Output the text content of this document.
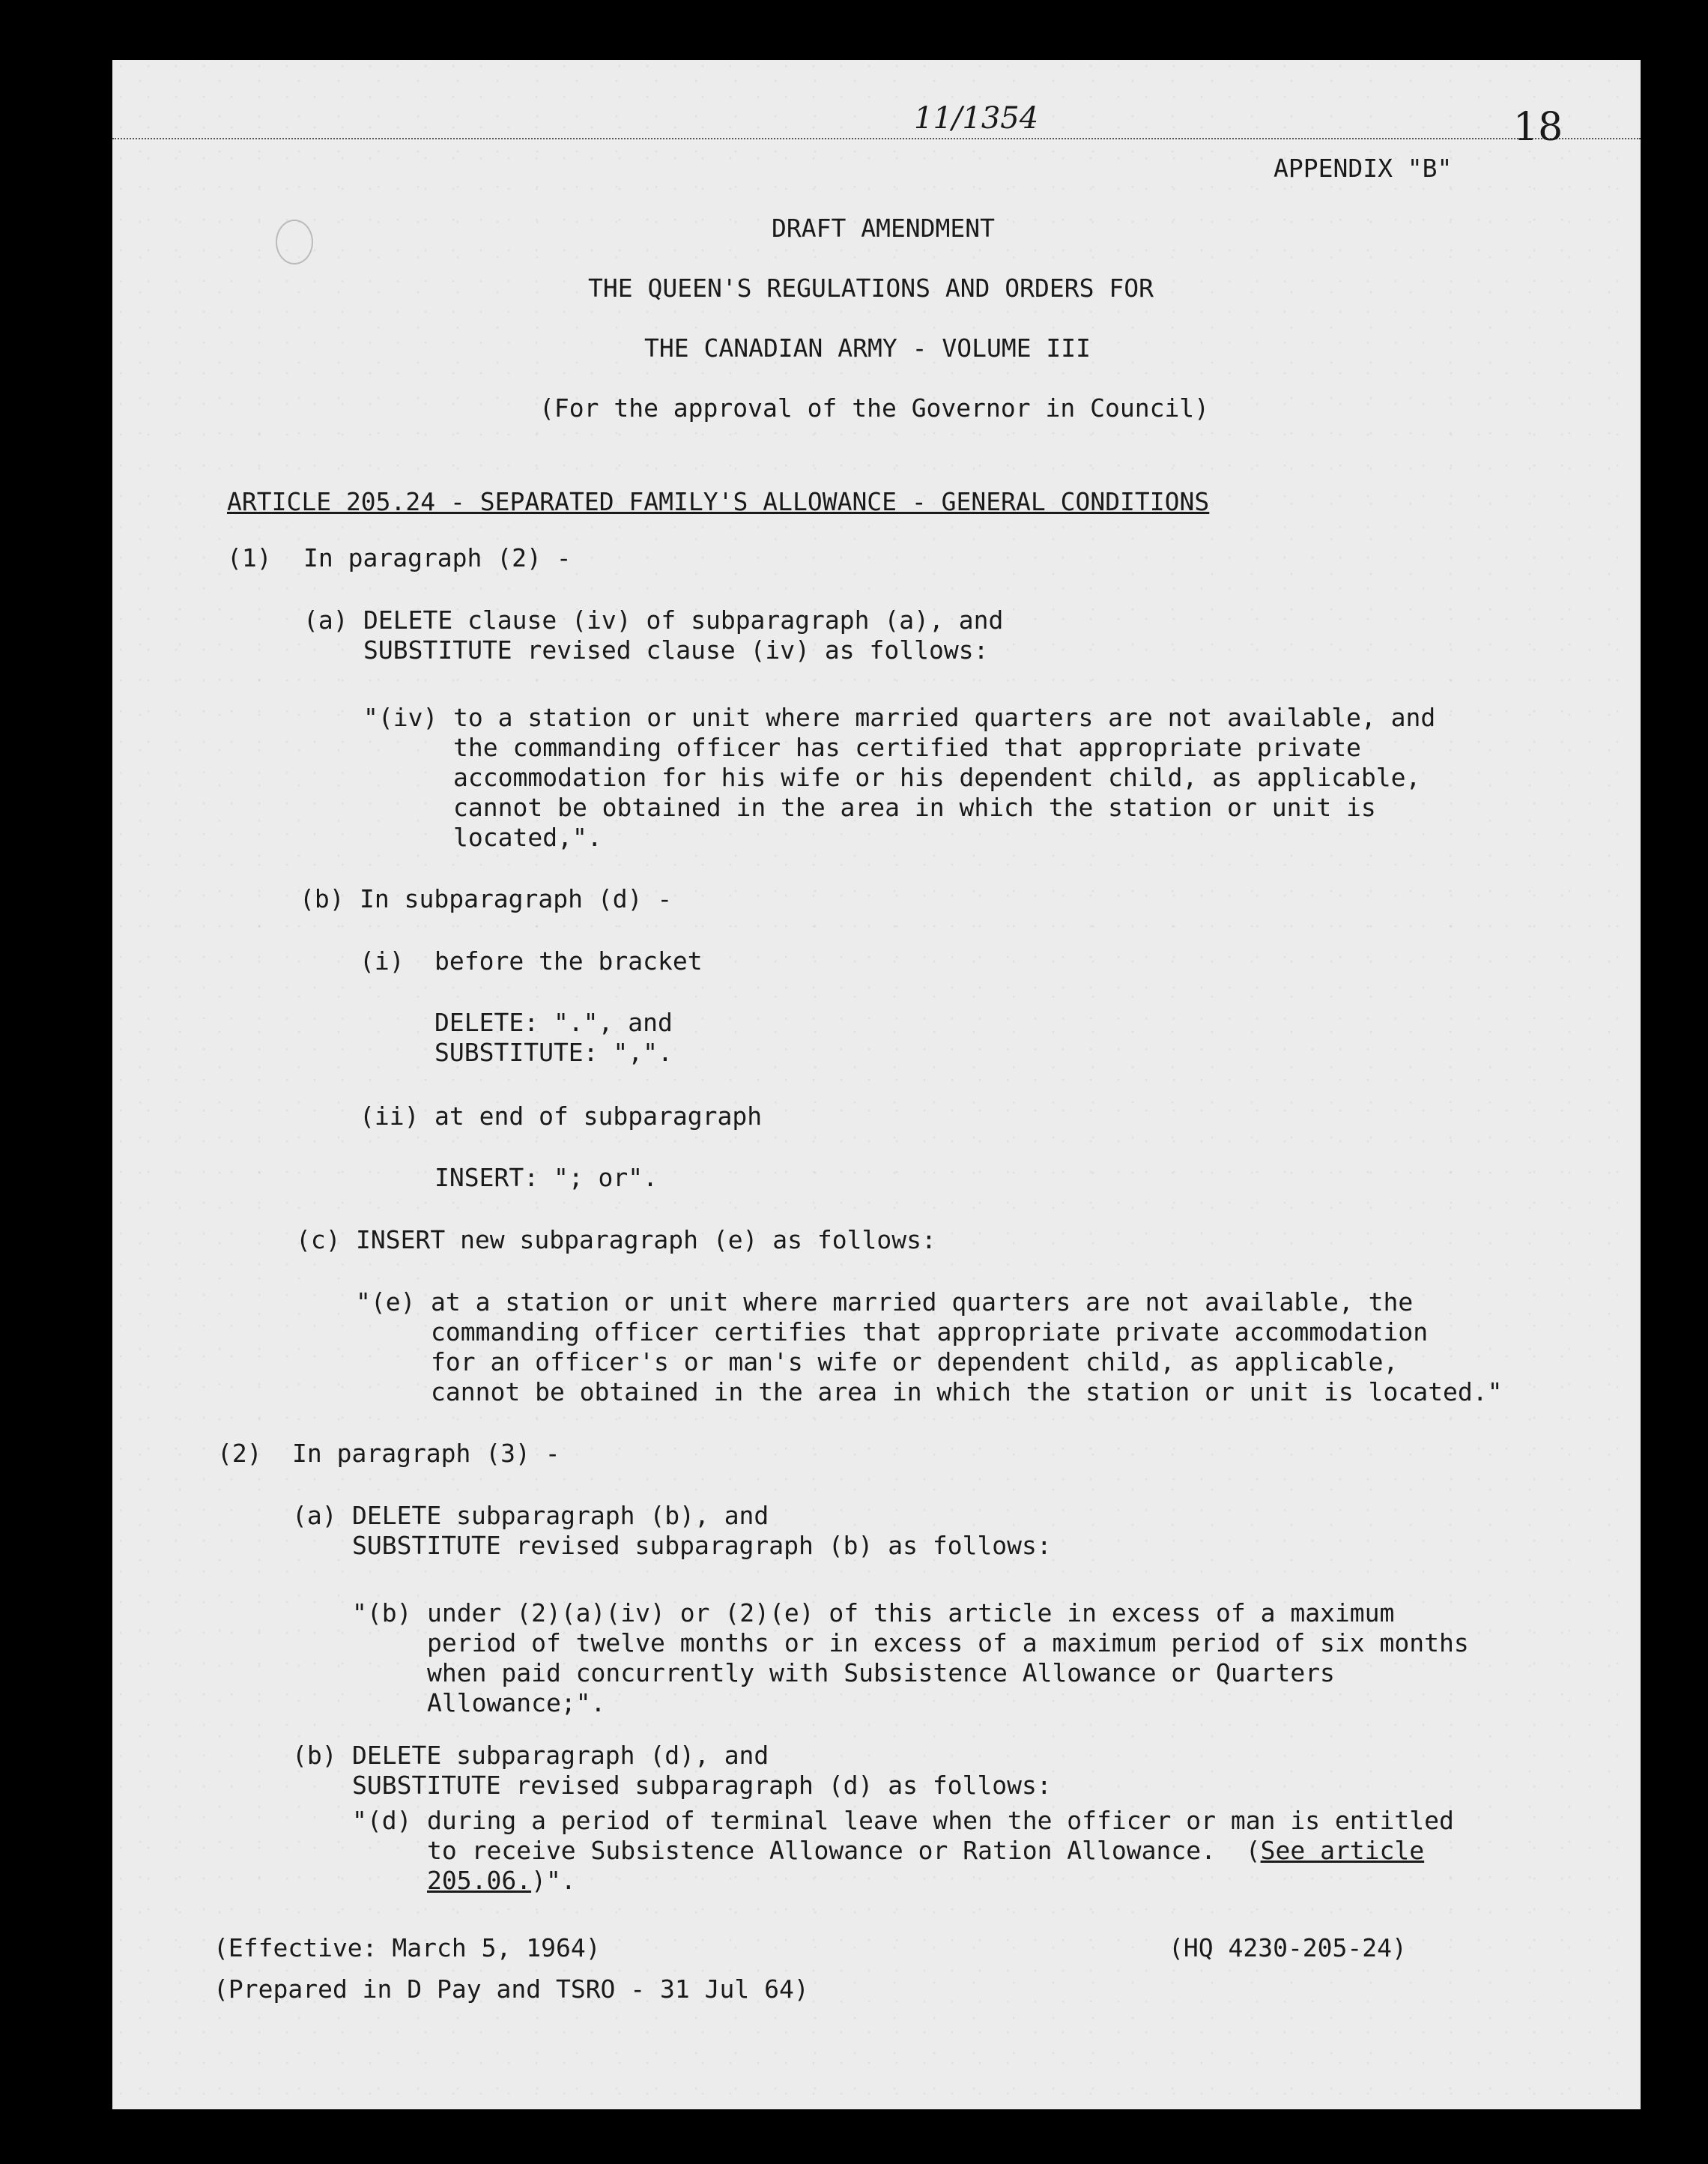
11/1354	18
APPENDIX "B"
DRAFT AMENDMENT
THE QUEEN'S REGULATIONS AND ORDERS FOR
THE CANADIAN ARMY - VOLUME III
(For the approval of the Governor in Council)
ARTICLE 205.24 - SEPARATED FAMILY'S ALLOWANCE - GENERAL CONDITIONS
(1) In paragraph (2) -
(a) DELETE clause (iv) of subparagraph (a), and
SUBSTITUTE revised clause (iv) as follows:
"(iv) to a station or unit where married quarters are not available, and
the commanding officer has certified that appropriate private
accommodation for his wife or his dependent child, as applicable,
cannot be obtained in the area in which the station or unit is
located,".
(b) In subparagraph (d) -
(i) before the bracket
DELETE: ".", and
SUBSTITUTE: ",".
(ii) at end of subparagraph
INSERT: "; or".
(c) INSERT new subparagraph (e) as follows:
"(e) at a station or unit where married quarters are not available, the
commanding officer certifies that appropriate private accommodation
for an officer's or man's wife or dependent child, as applicable,
cannot be obtained in the area in which the station or unit is located."
(2) In paragraph (3) -
(a) DELETE subparagraph (b), and
SUBSTITUTE revised subparagraph (b) as follows:
"(b) under (2)(a)(iv) or (2)(e) of this article in excess of a maximum
period of twelve months or in excess of a maximum period of six months
when paid concurrently with Subsistence Allowance or Quarters
Allowance;".
(b) DELETE subparagraph (d), and
SUBSTITUTE revised subparagraph (d) as follows:
"(d) during a period of terminal leave when the officer or man is entitled
to receive Subsistence Allowance or Ration Allowance.  (See article
205.06.)".
(Effective: March 5, 1964)	(HQ 4230-205-24)
(Prepared in D Pay and TSRO - 31 Jul 64)
